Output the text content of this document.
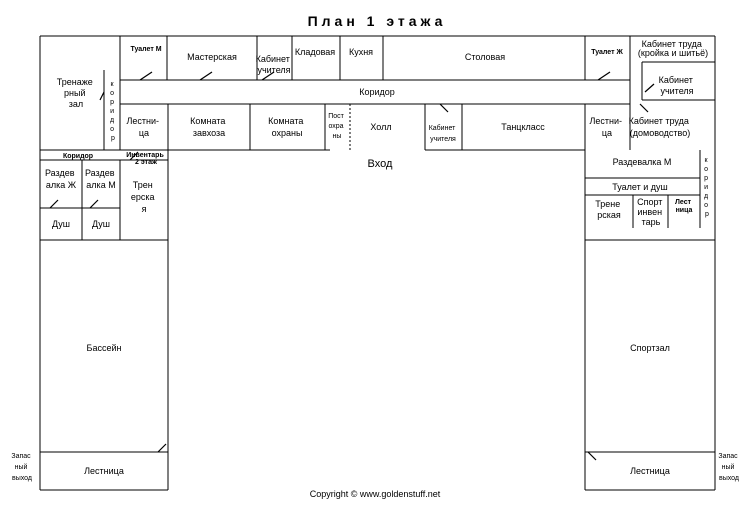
План 1 этажа
Тренаже рный зал
Туалет М
Мастерская Кабинет учителя
Кладовая Кухня	Столовая	Туалет Ж
Кабинет труда (кройка и шитьё)
Кабинет учителя
Коридор
к о р и д о р
Лестни- ца
Комната завхоза
Комната охраны
Пост охра ны
Холл	Кабинет учителя
Танцкласс
Лестни- ца
Кабинет труда (домоводство)
Вход
Коридор	Инвентарь 2 этаж
Раздев алка Ж
Раздев алка М Трен ерска я
Душ Душ
Бассейн
Лестница
Раздевалка М	к о р и д о р
Туалет и душ
Трене рская
Спорт инвен тарь
Лест ница
Спортзал
Лестница
Запас ный выход
Запас ный выход
Copyright © www.goldenstuff.net
